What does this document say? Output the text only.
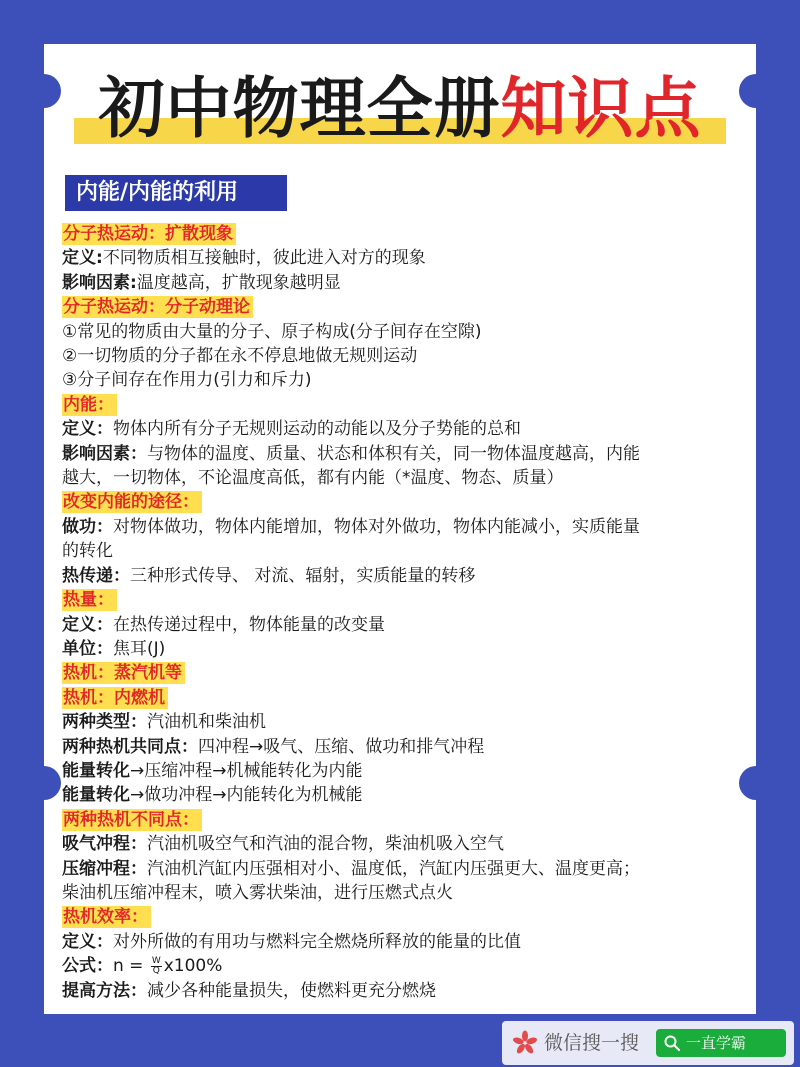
初中物理全册知识点
内能/内能的利用
分子热运动：扩散现象
定义:不同物质相互接触时，彼此进入对方的现象
影响因素:温度越高，扩散现象越明显
分子热运动：分子动理论
①常见的物质由大量的分子、原子构成(分子间存在空隙)
②一切物质的分子都在永不停息地做无规则运动
③分子间存在作用力(引力和斥力)
内能：
定义：物体内所有分子无规则运动的动能以及分子势能的总和
影响因素：与物体的温度、质量、状态和体积有关，同一物体温度越高，内能
越大，一切物体，不论温度高低，都有内能（*温度、物态、质量）
改变内能的途径：
做功：对物体做功，物体内能增加，物体对外做功，物体内能减小，实质能量
的转化
热传递：三种形式传导、 对流、辐射，实质能量的转移
热量：
定义：在热传递过程中，物体能量的改变量
单位：焦耳(J)
热机：蒸汽机等
热机：内燃机
两种类型：汽油机和柴油机
两种热机共同点：四冲程→吸气、压缩、做功和排气冲程
能量转化→压缩冲程→机械能转化为内能
能量转化→做功冲程→内能转化为机械能
两种热机不同点：
吸气冲程：汽油机吸空气和汽油的混合物，柴油机吸入空气
压缩冲程：汽油机汽缸内压强相对小、温度低，汽缸内压强更大、温度更高；
柴油机压缩冲程末，喷入雾状柴油，进行压燃式点火
热机效率：
定义：对外所做的有用功与燃料完全燃烧所释放的能量的比值
公式：$n = \frac{W}{Q} x100\%$
提高方法：减少各种能量损失，使燃料更充分燃烧
微信搜一搜	一直学霸
